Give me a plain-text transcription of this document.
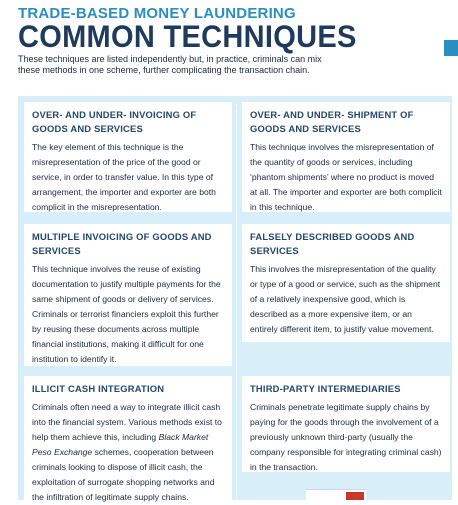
TRADE-BASED MONEY LAUNDERING
COMMON TECHNIQUES
These techniques are listed independently but, in practice, criminals can mix these methods in one scheme, further complicating the transaction chain.
OVER- AND UNDER- INVOICING OF GOODS AND SERVICES
The key element of this technique is the misrepresentation of the price of the good or service, in order to transfer value. In this type of arrangement, the importer and exporter are both complicit in the misrepresentation.
OVER- AND UNDER- SHIPMENT OF GOODS AND SERVICES
This technique involves the misrepresentation of the quantity of goods or services, including ‘phantom shipments’ where no product is moved at all. The importer and exporter are both complicit in this technique.
MULTIPLE INVOICING OF GOODS AND SERVICES
This technique involves the reuse of existing documentation to justify multiple payments for the same shipment of goods or delivery of services. Criminals or terrorist financiers exploit this further by reusing these documents across multiple financial institutions, making it difficult for one institution to identify it.
FALSELY DESCRIBED GOODS AND SERVICES
This involves the misrepresentation of the quality or type of a good or service, such as the shipment of a relatively inexpensive good, which is described as a more expensive item, or an entirely different item, to justify value movement.
ILLICIT CASH INTEGRATION
Criminals often need a way to integrate illicit cash into the financial system. Various methods exist to help them achieve this, including Black Market Peso Exchange schemes, cooperation between criminals looking to dispose of illicit cash, the exploitation of surrogate shopping networks and the infiltration of legitimate supply chains.
THIRD-PARTY INTERMEDIARIES
Criminals penetrate legitimate supply chains by paying for the goods through the involvement of a previously unknown third-party (usually the company responsible for integrating criminal cash) in the transaction.
